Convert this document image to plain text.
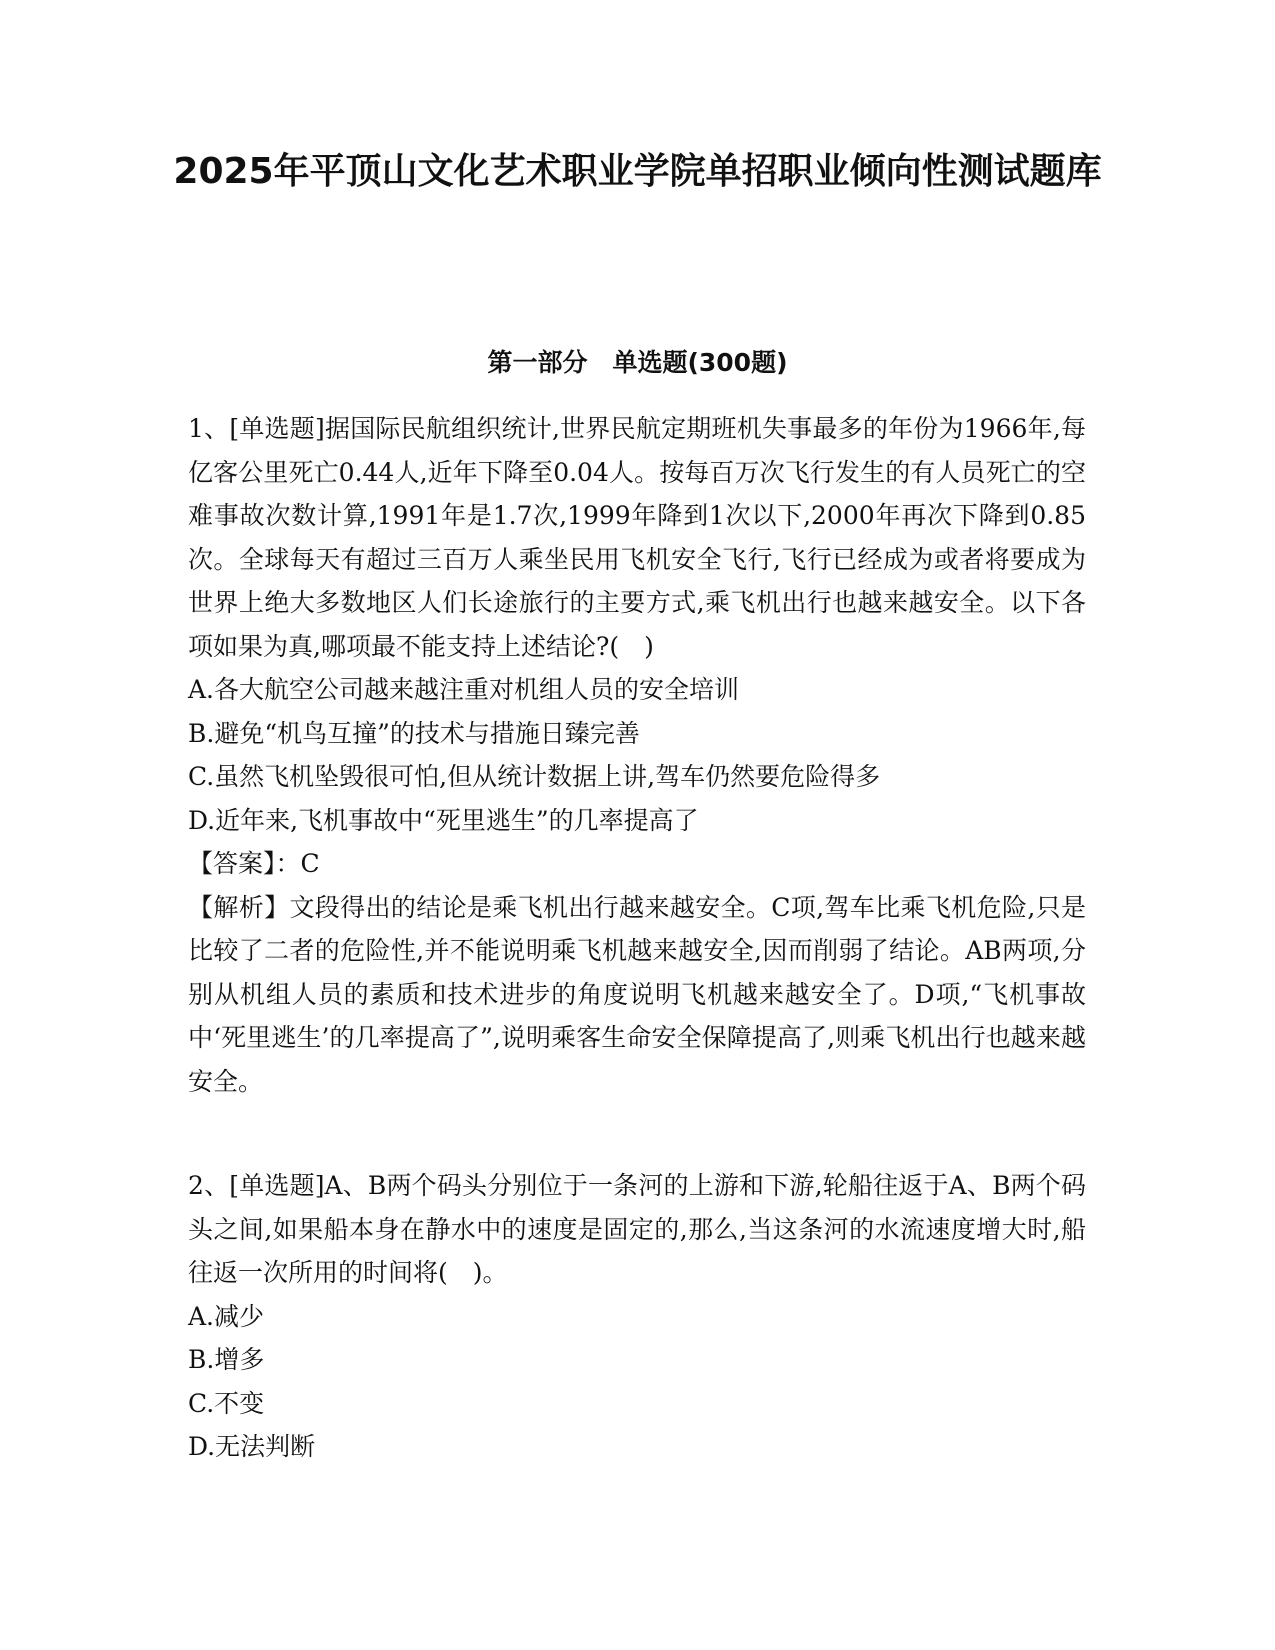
2025年平顶山文化艺术职业学院单招职业倾向性测试题库
第一部分　单选题(300题)

1、[单选题]据国际民航组织统计,世界民航定期班机失事最多的年份为1966年,每亿客公里死亡0.44人,近年下降至0.04人。按每百万次飞行发生的有人员死亡的空难事故次数计算,1991年是1.7次,1999年降到1次以下,2000年再次下降到0.85次。全球每天有超过三百万人乘坐民用飞机安全飞行,飞行已经成为或者将要成为世界上绝大多数地区人们长途旅行的主要方式,乘飞机出行也越来越安全。以下各项如果为真,哪项最不能支持上述结论?(　)

A.各大航空公司越来越注重对机组人员的安全培训

B.避免“机鸟互撞”的技术与措施日臻完善

C.虽然飞机坠毁很可怕,但从统计数据上讲,驾车仍然要危险得多

D.近年来,飞机事故中“死里逃生”的几率提高了

【答案】：C

【解析】文段得出的结论是乘飞机出行越来越安全。C项,驾车比乘飞机危险,只是比较了二者的危险性,并不能说明乘飞机越来越安全,因而削弱了结论。AB两项,分别从机组人员的素质和技术进步的角度说明飞机越来越安全了。D项,“飞机事故中‘死里逃生’的几率提高了”,说明乘客生命安全保障提高了,则乘飞机出行也越来越安全。

2、[单选题]A、B两个码头分别位于一条河的上游和下游,轮船往返于A、B两个码头之间,如果船本身在静水中的速度是固定的,那么,当这条河的水流速度增大时,船往返一次所用的时间将(　)。

A.减少

B.增多

C.不变

D.无法判断
